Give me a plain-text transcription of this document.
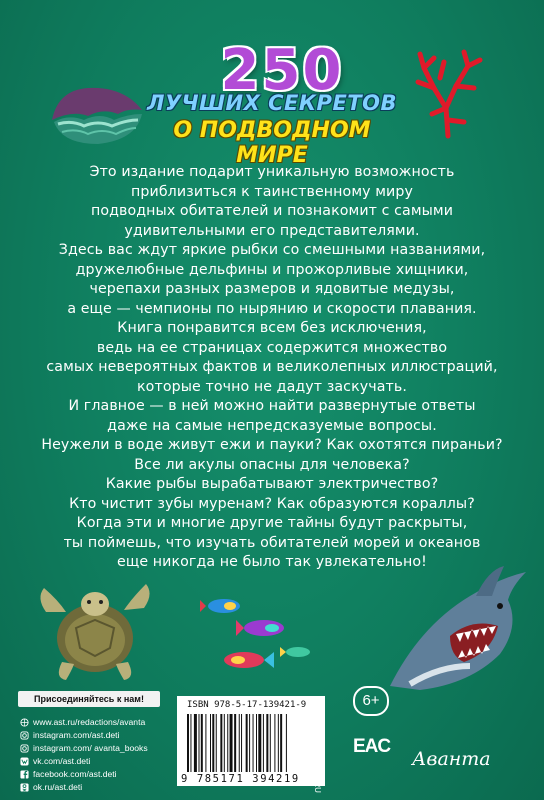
250
ЛУЧШИХ СЕКРЕТОВ
О ПОДВОДНОМ МИРЕ
Это издание подарит уникальную возможность
приблизиться к таинственному миру
подводных обитателей и познакомит с самыми
удивительными его представителями.
Здесь вас ждут яркие рыбки со смешными названиями,
дружелюбные дельфины и прожорливые хищники,
черепахи разных размеров и ядовитые медузы,
а еще — чемпионы по нырянию и скорости плавания.
Книга понравится всем без исключения,
ведь на ее страницах содержится множество
самых невероятных фактов и великолепных иллюстраций,
которые точно не дадут заскучать.
И главное — в ней можно найти развернутые ответы
даже на самые непредсказуемые вопросы.
Неужели в воде живут ежи и пауки? Как охотятся пираньи?
Все ли акулы опасны для человека?
Какие рыбы вырабатывают электричество?
Кто чистит зубы муренам? Как образуются кораллы?
Когда эти и многие другие тайны будут раскрыты,
ты поймешь, что изучать обитателей морей и океанов
еще никогда не было так увлекательно!
Присоединяйтесь к нам!
www.ast.ru/redactions/avanta
instagram.com/ast.deti
instagram.com/ avanta_books
vk.com/ast.deti
facebook.com/ast.deti
ok.ru/ast.deti
ISBN 978-5-17-139421-9
9 785171 394219 WWW.AST.RU
6+
EAC
Аванта
